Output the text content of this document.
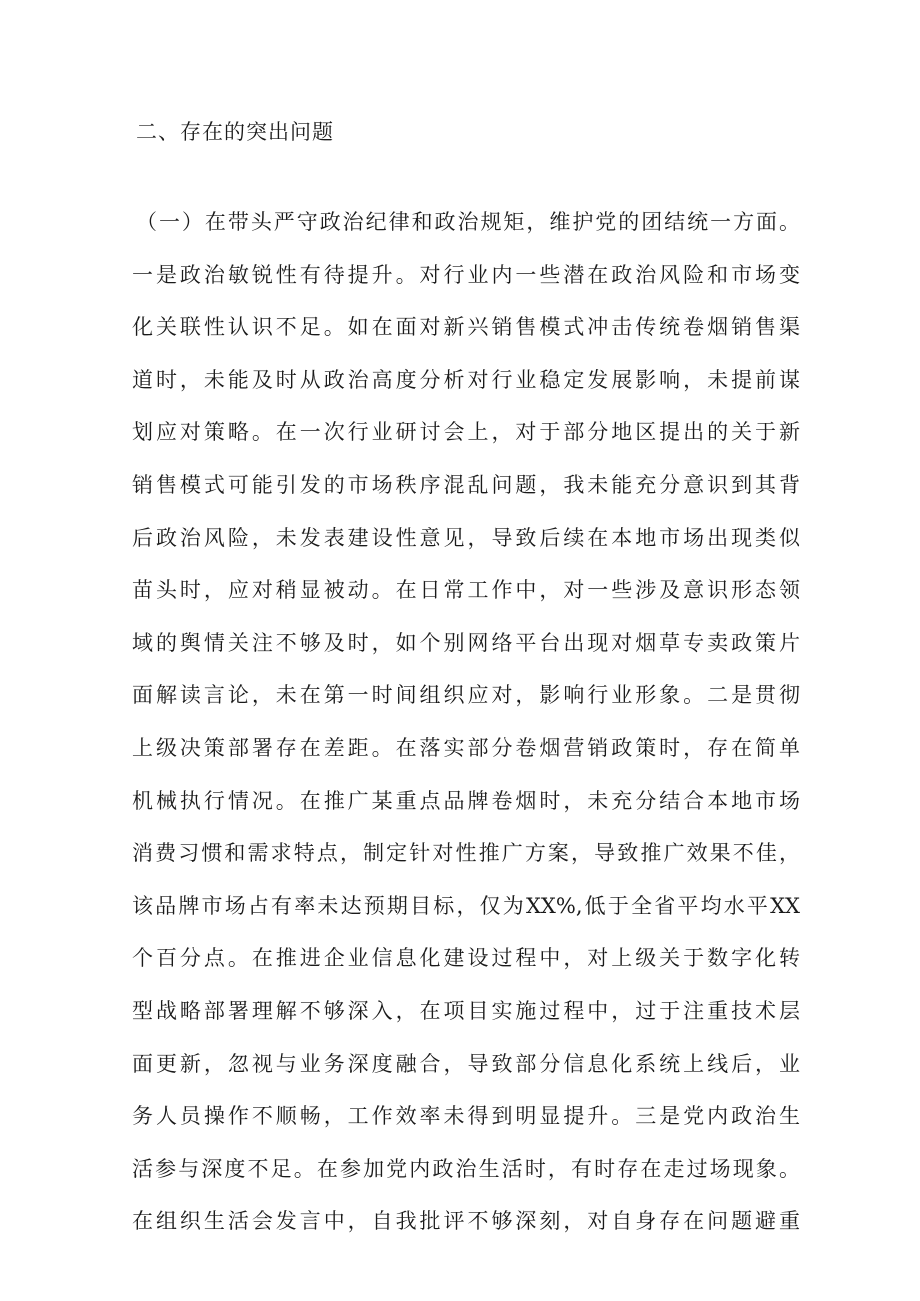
二、存在的突出问题
（一）在带头严守政治纪律和政治规矩，维护党的团结统一方面。
一是政治敏锐性有待提升。对行业内一些潜在政治风险和市场变
化关联性认识不足。如在面对新兴销售模式冲击传统卷烟销售渠
道时，未能及时从政治高度分析对行业稳定发展影响，未提前谋
划应对策略。在一次行业研讨会上，对于部分地区提出的关于新
销售模式可能引发的市场秩序混乱问题，我未能充分意识到其背
后政治风险，未发表建设性意见，导致后续在本地市场出现类似
苗头时，应对稍显被动。在日常工作中，对一些涉及意识形态领
域的舆情关注不够及时，如个别网络平台出现对烟草专卖政策片
面解读言论，未在第一时间组织应对，影响行业形象。二是贯彻
上级决策部署存在差距。在落实部分卷烟营销政策时，存在简单
机械执行情况。在推广某重点品牌卷烟时，未充分结合本地市场
消费习惯和需求特点，制定针对性推广方案，导致推广效果不佳，
该品牌市场占有率未达预期目标，仅为XX%,低于全省平均水平XX
个百分点。在推进企业信息化建设过程中，对上级关于数字化转
型战略部署理解不够深入，在项目实施过程中，过于注重技术层
面更新，忽视与业务深度融合，导致部分信息化系统上线后，业
务人员操作不顺畅，工作效率未得到明显提升。三是党内政治生
活参与深度不足。在参加党内政治生活时，有时存在走过场现象。
在组织生活会发言中，自我批评不够深刻，对自身存在问题避重
